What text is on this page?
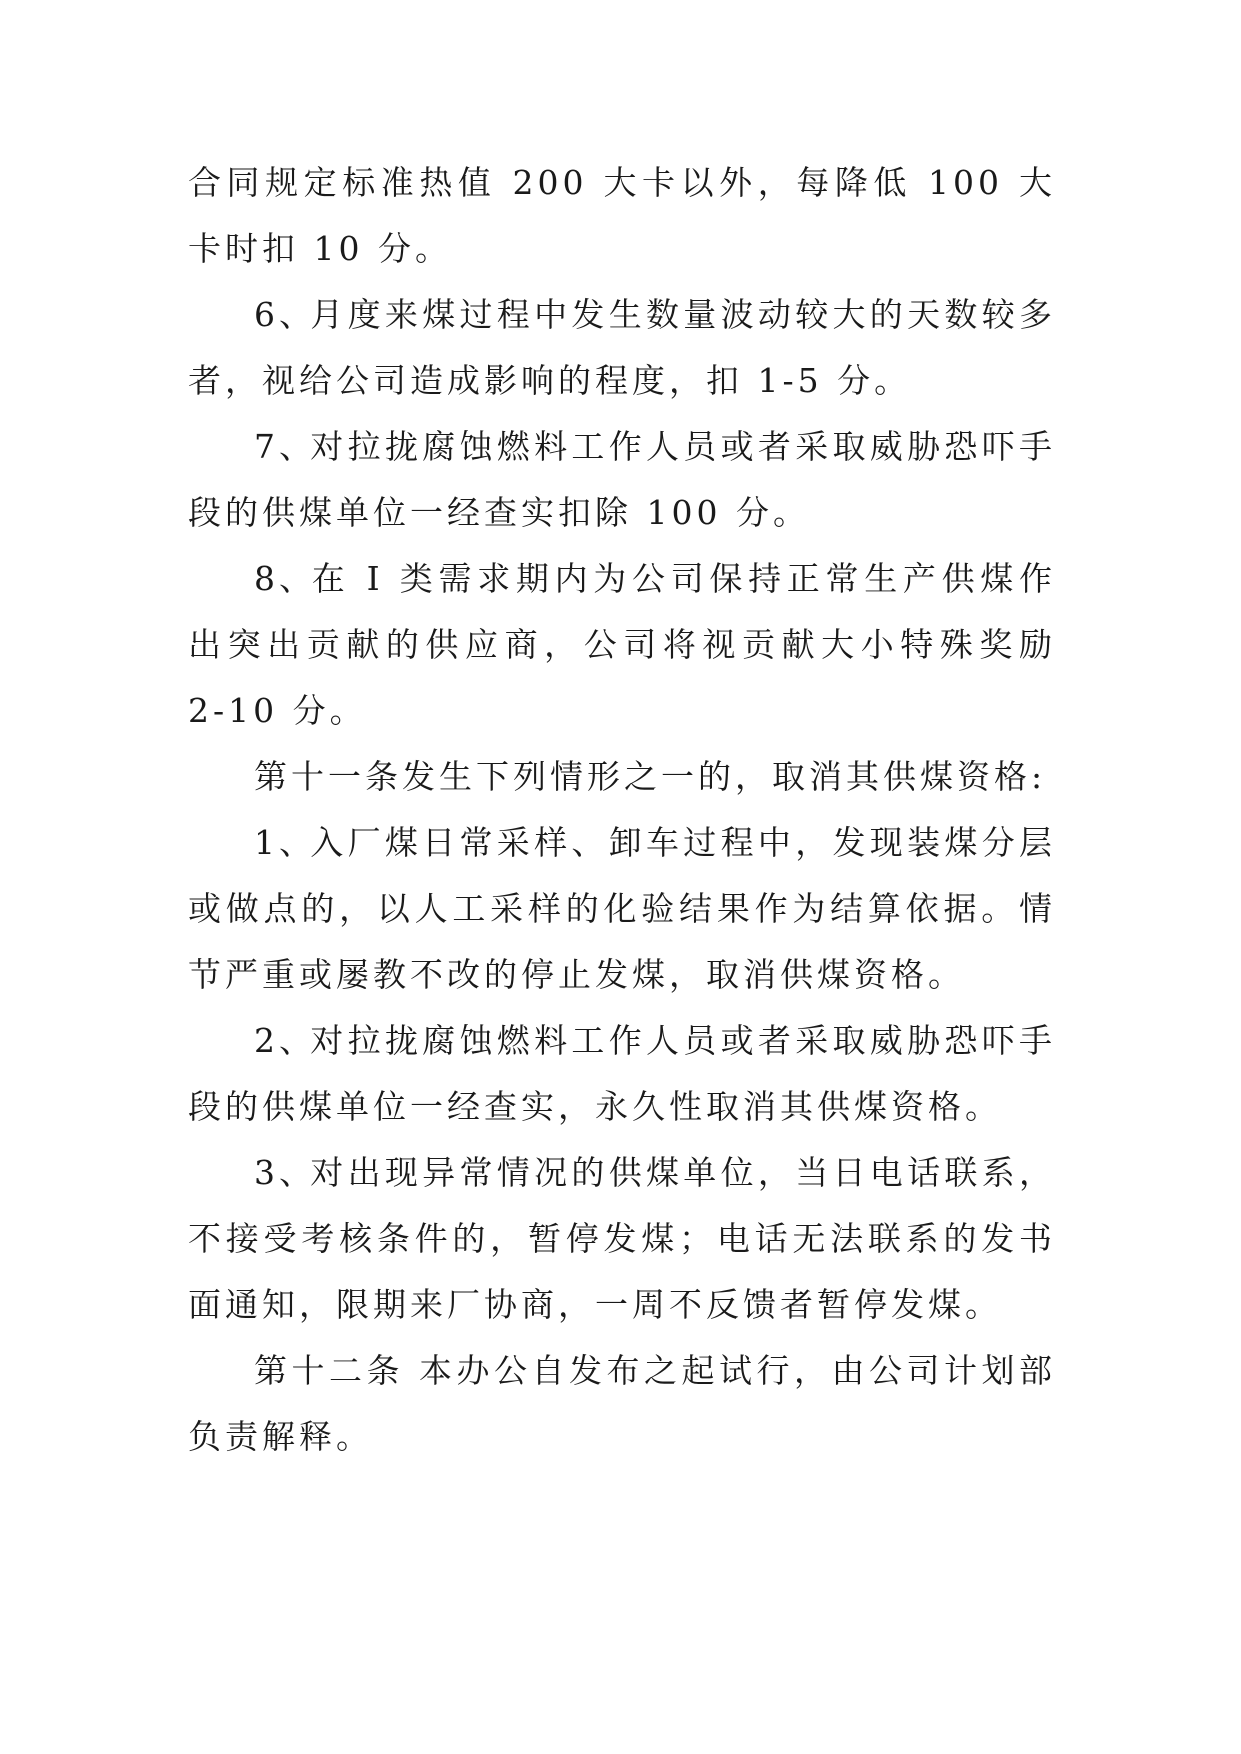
合同规定标准热值 200 大卡以外，每降低 100 大卡时扣 10 分。

6、月度来煤过程中发生数量波动较大的天数较多者，视给公司造成影响的程度，扣 1-5 分。

7、对拉拢腐蚀燃料工作人员或者采取威胁恐吓手段的供煤单位一经查实扣除 100 分。

8、在 I 类需求期内为公司保持正常生产供煤作出突出贡献的供应商，公司将视贡献大小特殊奖励 2-10 分。

第十一条发生下列情形之一的，取消其供煤资格:

1、入厂煤日常采样、卸车过程中，发现装煤分层或做点的，以人工采样的化验结果作为结算依据。情节严重或屡教不改的停止发煤，取消供煤资格。

2、对拉拢腐蚀燃料工作人员或者采取威胁恐吓手段的供煤单位一经查实，永久性取消其供煤资格。

3、对出现异常情况的供煤单位，当日电话联系，不接受考核条件的，暂停发煤；电话无法联系的发书面通知，限期来厂协商，一周不反馈者暂停发煤。

第十二条 本办公自发布之起试行，由公司计划部负责解释。
